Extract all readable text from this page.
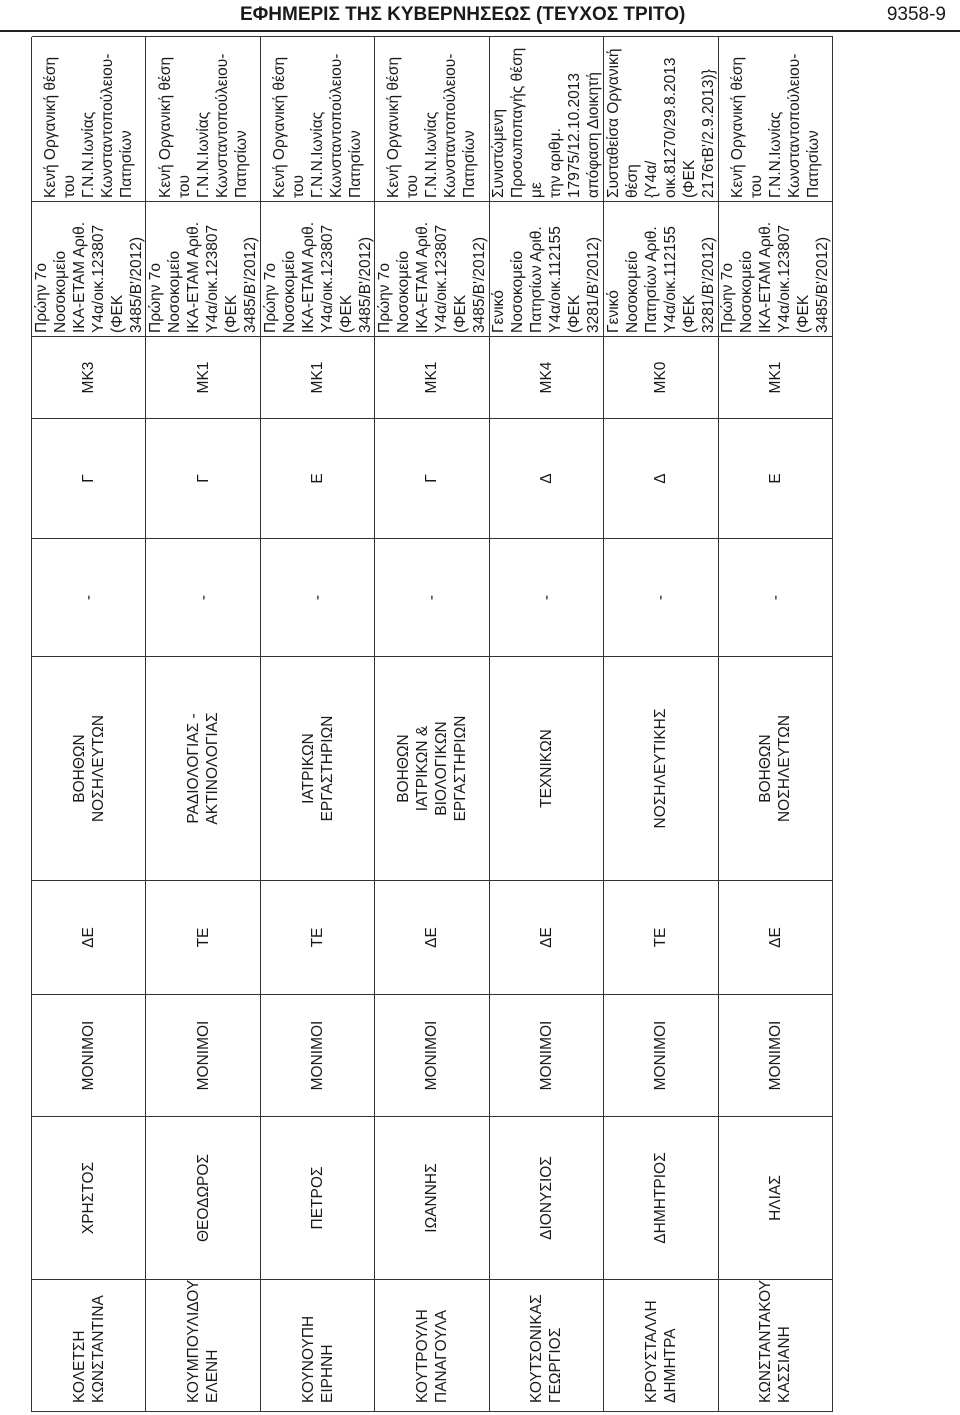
ΕΦΗΜΕΡΙΣ ΤΗΣ ΚΥΒΕΡΝΗΣΕΩΣ (ΤΕΥΧΟΣ ΤΡΙΤΟ)	9358-9
ΚΟΛΕΤΣΗ
ΚΩΝΣΤΑΝΤΙΝΑ
ΧΡΗΣΤΟΣ
ΜΟΝΙΜΟΙ
ΔΕ
ΒΟΗΘΩΝ
ΝΟΣΗΛΕΥΤΩΝ
-
Γ
ΜΚ3
Πρώην 7ο
Νοσοκομείο
ΙΚΑ-ΕΤΑΜ Αριθ.
Υ4α/οικ.123807
(ΦΕΚ
3485/Β'/2012)
Κενή Οργανική θέση του
Γ.Ν.Ν.Ιωνίας
Κωνσταντοπούλειου-
Πατησίων
ΚΟΥΜΠΟΥΛΙΔΟΥ
ΕΛΕΝΗ
ΘΕΟΔΩΡΟΣ
ΜΟΝΙΜΟΙ
ΤΕ
ΡΑΔΙΟΛΟΓΙΑΣ -
ΑΚΤΙΝΟΛΟΓΙΑΣ
-
Γ
ΜΚ1
Πρώην 7ο
Νοσοκομείο
ΙΚΑ-ΕΤΑΜ Αριθ.
Υ4α/οικ.123807
(ΦΕΚ
3485/Β'/2012)
Κενή Οργανική θέση του
Γ.Ν.Ν.Ιωνίας
Κωνσταντοπούλειου-
Πατησίων
ΚΟΥΝΟΥΠΗ
ΕΙΡΗΝΗ
ΠΕΤΡΟΣ
ΜΟΝΙΜΟΙ
ΤΕ
ΙΑΤΡΙΚΩΝ
ΕΡΓΑΣΤΗΡΙΩΝ
-
Ε
ΜΚ1
Πρώην 7ο
Νοσοκομείο
ΙΚΑ-ΕΤΑΜ Αριθ.
Υ4α/οικ.123807
(ΦΕΚ
3485/Β'/2012)
Κενή Οργανική θέση του
Γ.Ν.Ν.Ιωνίας
Κωνσταντοπούλειου-
Πατησίων
ΚΟΥΤΡΟΥΛΗ
ΠΑΝΑΓΟΥΛΑ
ΙΩΑΝΝΗΣ
ΜΟΝΙΜΟΙ
ΔΕ
ΒΟΗΘΩΝ
ΙΑΤΡΙΚΩΝ &
ΒΙΟΛΟΓΙΚΩΝ
ΕΡΓΑΣΤΗΡΙΩΝ
-
Γ
ΜΚ1
Πρώην 7ο
Νοσοκομείο
ΙΚΑ-ΕΤΑΜ Αριθ.
Υ4α/οικ.123807
(ΦΕΚ
3485/Β'/2012)
Κενή Οργανική θέση του
Γ.Ν.Ν.Ιωνίας
Κωνσταντοπούλειου-
Πατησίων
ΚΟΥΤΣΟΝΙΚΑΣ
ΓΕΩΡΓΙΟΣ
ΔΙΟΝΥΣΙΟΣ
ΜΟΝΙΜΟΙ
ΔΕ
ΤΕΧΝΙΚΩΝ
-
Δ
ΜΚ4
Γενικό
Νοσοκομείο
Πατησίων Αριθ.
Υ4α/οικ.112155
(ΦΕΚ
3281/Β'/2012)
Συνιστώμενη
Προσωποπαγής θέση με
την αριθμ.
17975/12.10.2013
απόφαση Διοικητή
ΚΡΟΥΣΤΑΛΛΗ
ΔΗΜΗΤΡΑ
ΔΗΜΗΤΡΙΟΣ
ΜΟΝΙΜΟΙ
ΤΕ
ΝΟΣΗΛΕΥΤΙΚΗΣ
-
Δ
ΜΚ0
Γενικό
Νοσοκομείο
Πατησίων Αριθ.
Υ4α/οικ.112155
(ΦΕΚ
3281/Β'/2012)
Συσταθείσα Οργανική
θέση
{Υ4α/οικ.81270/29.8.2013
(ΦΕΚ 2176τΒ'/2.9.2013)}
ΚΩΝΣΤΑΝΤΑΚΟΥ
ΚΑΣΣΙΑΝΗ
ΗΛΙΑΣ
ΜΟΝΙΜΟΙ
ΔΕ
ΒΟΗΘΩΝ
ΝΟΣΗΛΕΥΤΩΝ
-
Ε
ΜΚ1
Πρώην 7ο
Νοσοκομείο
ΙΚΑ-ΕΤΑΜ Αριθ.
Υ4α/οικ.123807
(ΦΕΚ
3485/Β'/2012)
Κενή Οργανική θέση του
Γ.Ν.Ν.Ιωνίας
Κωνσταντοπούλειου-
Πατησίων
